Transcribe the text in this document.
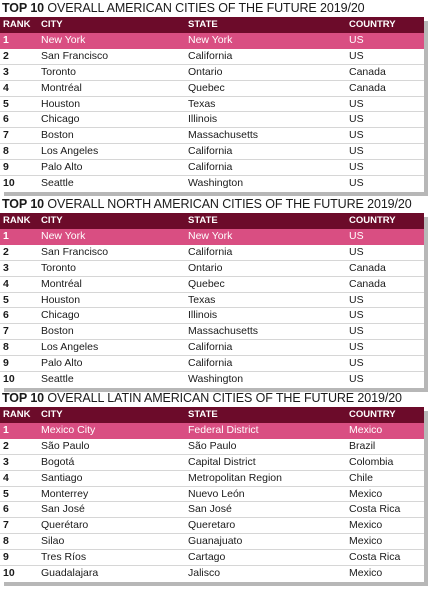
TOP 10 OVERALL AMERICAN CITIES OF THE FUTURE 2019/20
RANK	CITY	STATE	COUNTRY
1	New York	New York	US
2	San Francisco	California	US
3	Toronto	Ontario	Canada
4	Montréal	Quebec	Canada
5	Houston	Texas	US
6	Chicago	Illinois	US
7	Boston	Massachusetts	US
8	Los Angeles	California	US
9	Palo Alto	California	US
10	Seattle	Washington	US
TOP 10 OVERALL NORTH AMERICAN CITIES OF THE FUTURE 2019/20
RANK	CITY	STATE	COUNTRY
1	New York	New York	US
2	San Francisco	California	US
3	Toronto	Ontario	Canada
4	Montréal	Quebec	Canada
5	Houston	Texas	US
6	Chicago	Illinois	US
7	Boston	Massachusetts	US
8	Los Angeles	California	US
9	Palo Alto	California	US
10	Seattle	Washington	US
TOP 10 OVERALL LATIN AMERICAN CITIES OF THE FUTURE 2019/20
RANK	CITY	STATE	COUNTRY
1	Mexico City	Federal District	Mexico
2	São Paulo	São Paulo	Brazil
3	Bogotá	Capital District	Colombia
4	Santiago	Metropolitan Region	Chile
5	Monterrey	Nuevo León	Mexico
6	San José	San José	Costa Rica
7	Querétaro	Queretaro	Mexico
8	Silao	Guanajuato	Mexico
9	Tres Ríos	Cartago	Costa Rica
10	Guadalajara	Jalisco	Mexico
